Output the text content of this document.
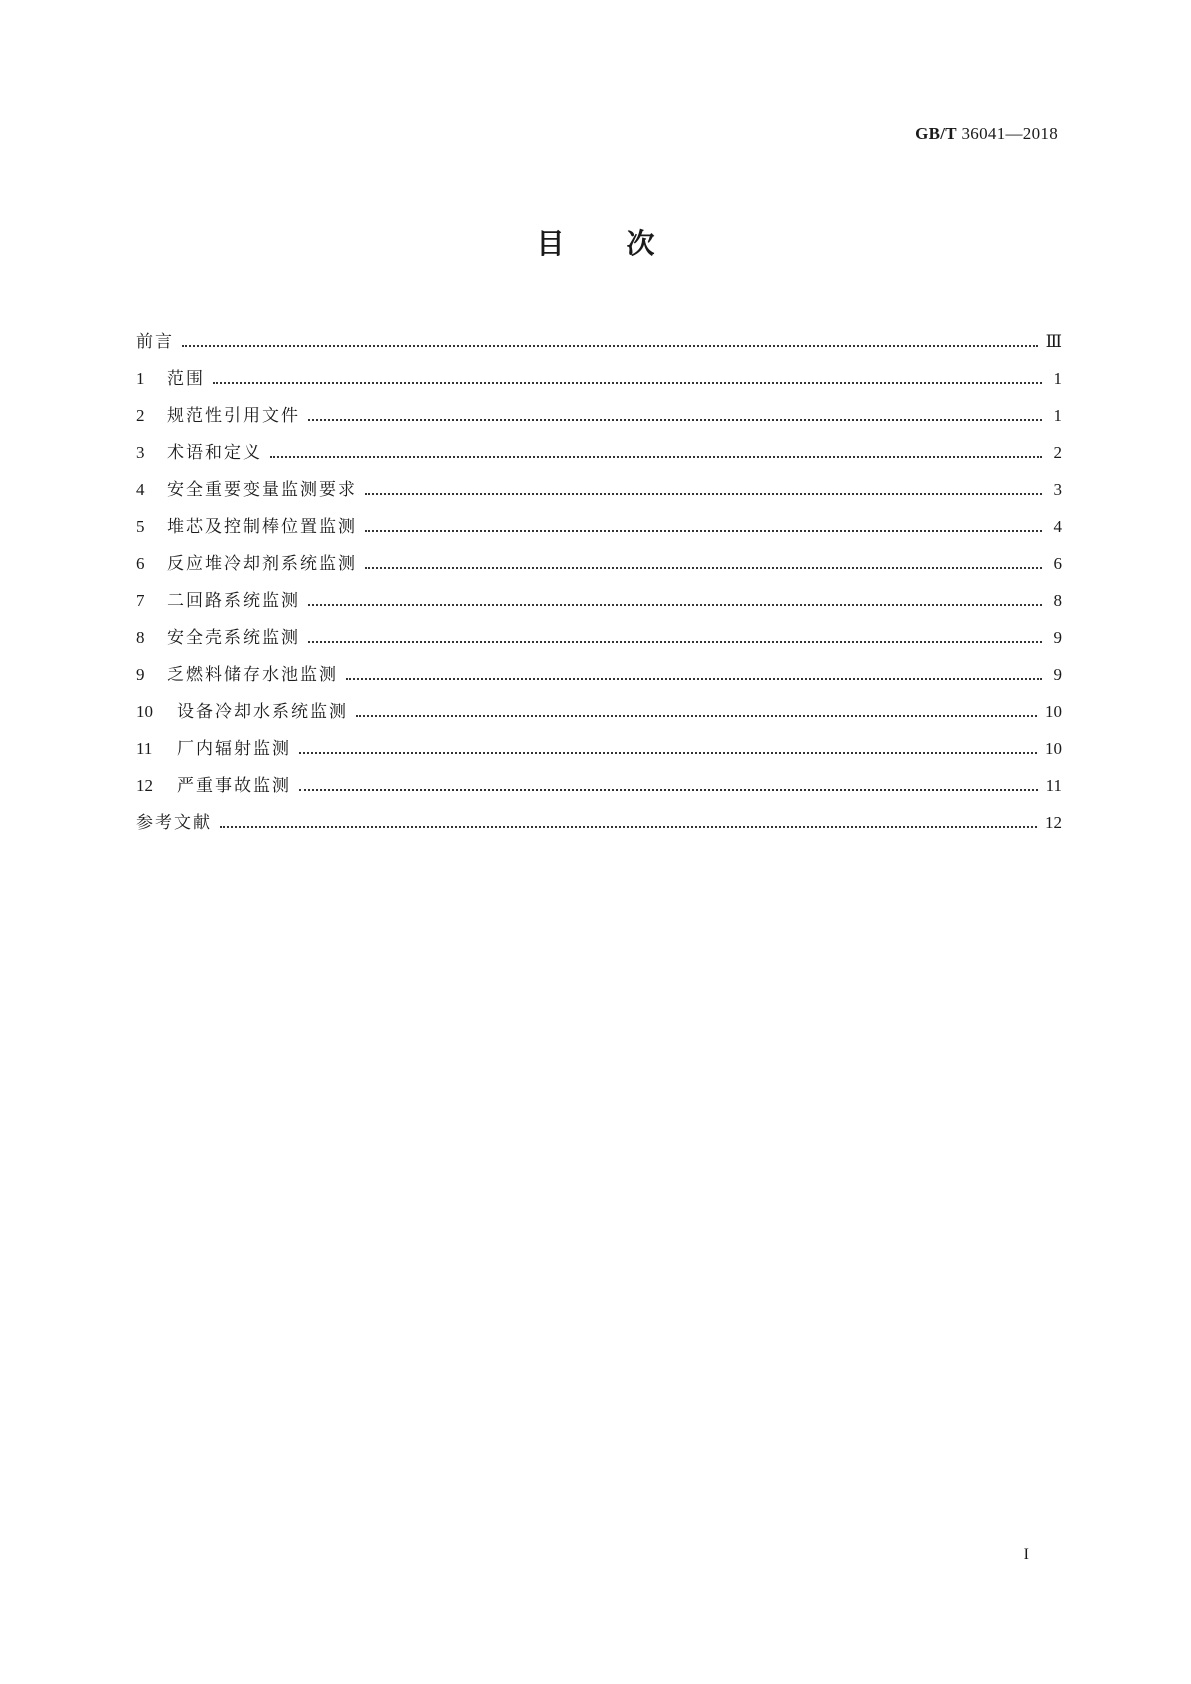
GB/T 36041—2018
目次
前言	Ⅲ
1	范围	1
2	规范性引用文件	1
3	术语和定义	2
4	安全重要变量监测要求	3
5	堆芯及控制棒位置监测	4
6	反应堆冷却剂系统监测	6
7	二回路系统监测	8
8	安全壳系统监测	9
9	乏燃料储存水池监测	9
10	设备冷却水系统监测	10
11	厂内辐射监测	10
12	严重事故监测	11
参考文献	12
I
